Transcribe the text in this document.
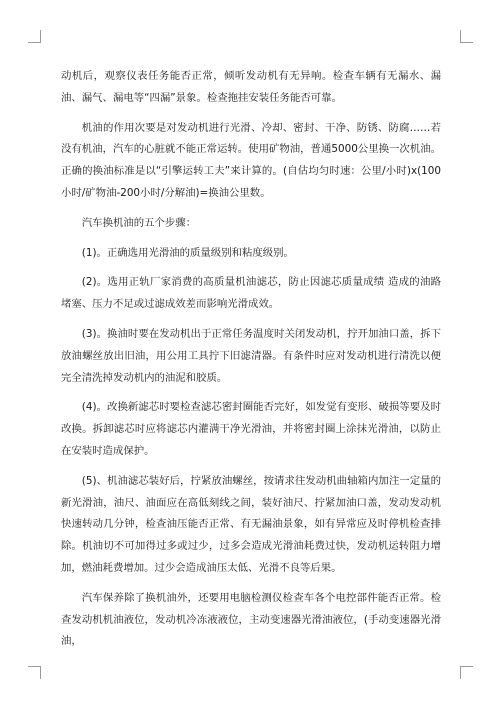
动机后，观察仪表任务能否正常，倾听发动机有无异响。检查车辆有无漏水、漏油、漏气、漏电等“四漏”景象。检查拖挂安装任务能否可靠。

机油的作用次要是对发动机进行光滑、冷却、密封、干净、防锈、防腐……若没有机油，汽车的心脏就不能正常运转。使用矿物油，普通5000公里换一次机油。正确的换油标准是以“引擎运转工夫”来计算的。(自估均匀时速：公里/小时)x(100小时/矿物油-200小时/分解油)=换油公里数。

汽车换机油的五个步骤：

(1)。正确选用光滑油的质量级别和粘度级别。

(2)。选用正轨厂家消费的高质量机油滤芯，防止因滤芯质量成绩 造成的油路堵塞、压力不足或过滤成效差而影响光滑成效。

(3)。换油时要在发动机出于正常任务温度时关闭发动机，拧开加油口盖，拆下放油螺丝放出旧油，用公用工具拧下旧滤清器。有条件时应对发动机进行清洗以便完全清洗掉发动机内的油泥和胶质。

(4)。改换新滤芯时要检查滤芯密封圈能否完好，如发觉有变形、破损等要及时改换。拆卸滤芯时应将滤芯内灌满干净光滑油，并将密封圈上涂抹光滑油，以防止在安装时造成保护。

(5)、机油滤芯装好后，拧紧放油螺丝，按请求往发动机曲轴箱内加注一定量的新光滑油，油尺、油面应在高低刻线之间，装好油尺、拧紧加油口盖，发动发动机快速转动几分钟，检查油压能否正常、有无漏油景象，如有异常应及时停机检查排除。机油切不可加得过多或过少，过多会造成光滑油耗费过快，发动机运转阻力增加，燃油耗费增加。过少会造成油压太低、光滑不良等后果。

汽车保养除了换机油外，还要用电脑检测仪检查车各个电控部件能否正常。检查发动机机油液位，发动机冷冻液液位，主动变速器光滑油液位，(手动变速器光滑油，
